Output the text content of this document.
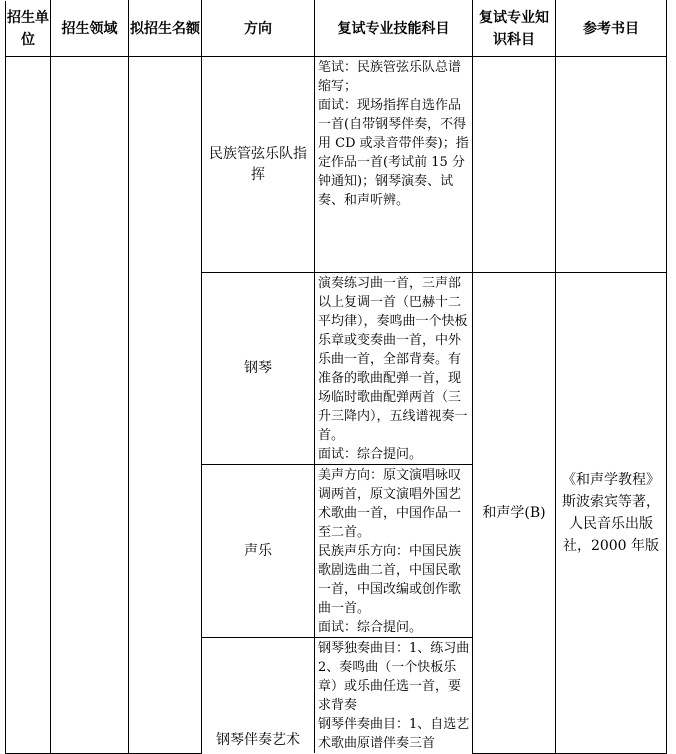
招生单位	招生领域	拟招生名额	方向	复试专业技能科目	复试专业知识科目	参考书目
			民族管弦乐队指挥	笔试：民族管弦乐队总谱缩写；
面试：现场指挥自选作品一首(自带钢琴伴奏，不得用 CD 或录音带伴奏)；指定作品一首(考试前 15 分钟通知)；钢琴演奏、试奏、和声听辨。		

			钢琴	演奏练习曲一首，三声部以上复调一首（巴赫十二平均律），奏鸣曲一个快板乐章或变奏曲一首，中外乐曲一首，全部背奏。有准备的歌曲配弹一首，现场临时歌曲配弹两首（三升三降内），五线谱视奏一首。
面试：综合提问。	和声学(B)	《和声学教程》斯波索宾等著，人民音乐出版社，2000 年版
			声乐	美声方向：原文演唱咏叹调两首，原文演唱外国艺术歌曲一首，中国作品一至二首。
民族声乐方向：中国民族歌剧选曲二首，中国民歌一首，中国改编或创作歌曲一首。
面试：综合提问。		

			钢琴伴奏艺术	钢琴独奏曲目：1、练习曲 2、奏鸣曲（一个快板乐章）或乐曲任选一首，要求背奏
钢琴伴奏曲目：1、自选艺术歌曲原谱伴奏三首		
